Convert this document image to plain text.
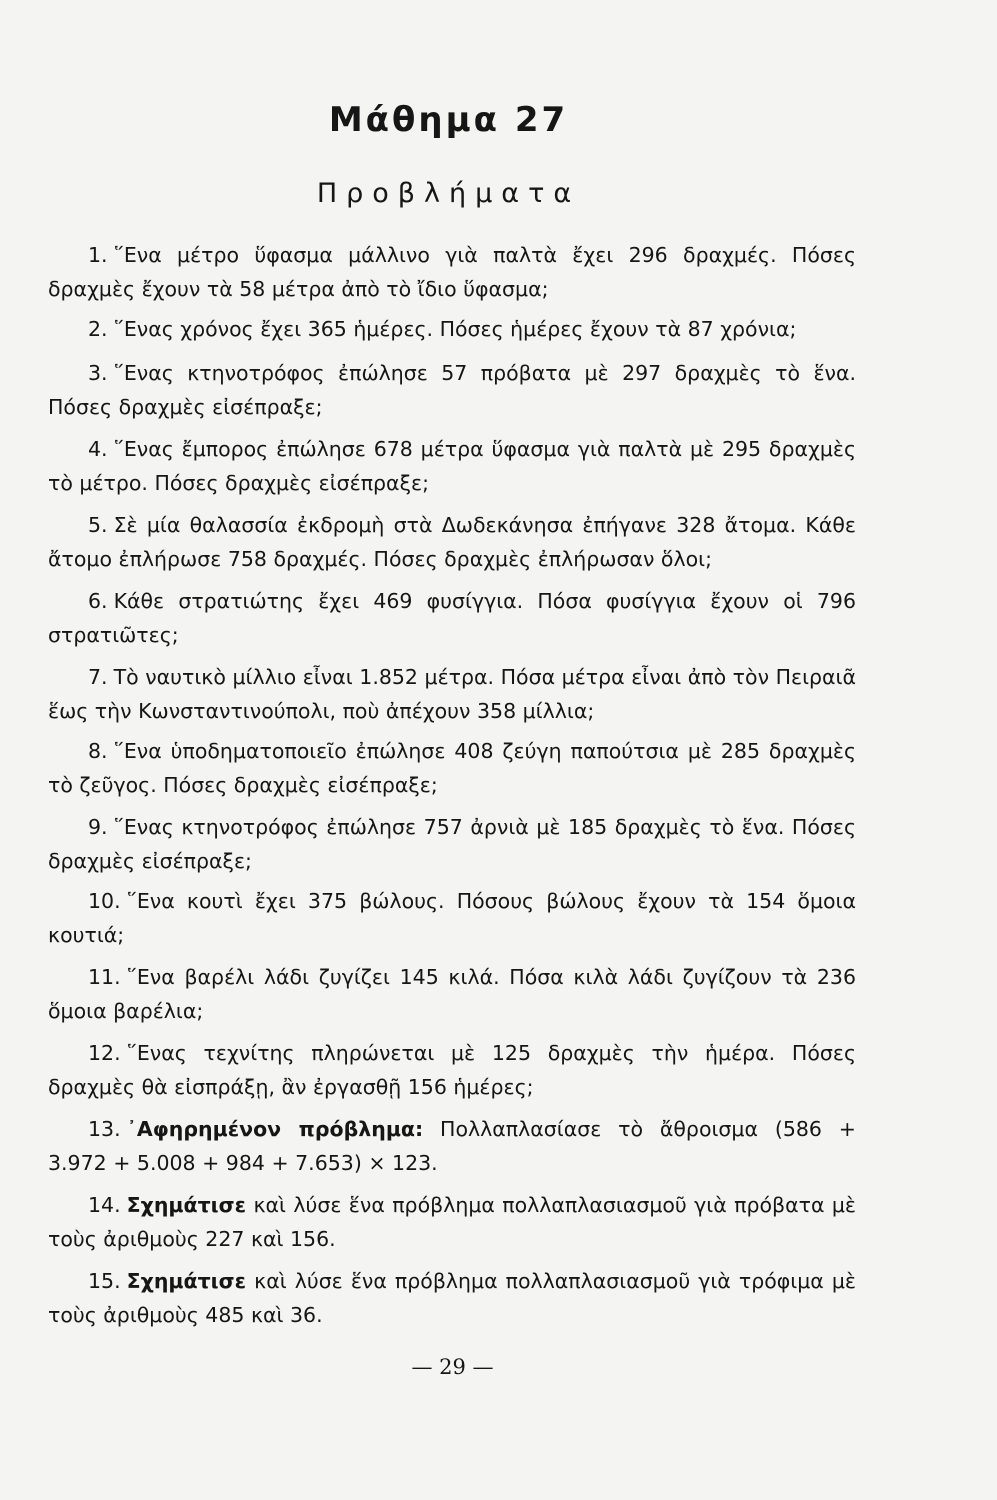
Μάθημα 27
Προβλήματα
1. ῞Ενα μέτρο ὕφασμα μάλλινο γιὰ παλτὰ ἔχει 296 δραχμές. Πόσες δραχμὲς ἔχουν τὰ 58 μέτρα ἀπὸ τὸ ἴδιο ὕφασμα;
2. ῞Ενας χρόνος ἔχει 365 ἡμέρες. Πόσες ἡμέρες ἔχουν τὰ 87 χρόνια;
3. ῞Ενας κτηνοτρόφος ἐπώλησε 57 πρόβατα μὲ 297 δραχμὲς τὸ ἕνα. Πόσες δραχμὲς εἰσέπραξε;
4. ῞Ενας ἔμπορος ἐπώλησε 678 μέτρα ὕφασμα γιὰ παλτὰ μὲ 295 δραχμὲς τὸ μέτρο. Πόσες δραχμὲς εἰσέπραξε;
5. Σὲ μία θαλασσία ἐκδρομὴ στὰ Δωδεκάνησα ἐπήγανε 328 ἄτομα. Κάθε ἄτομο ἐπλήρωσε 758 δραχμές. Πόσες δραχμὲς ἐπλήρωσαν ὅλοι;
6. Κάθε στρατιώτης ἔχει 469 φυσίγγια. Πόσα φυσίγγια ἔχουν οἱ 796 στρατιῶτες;
7. Τὸ ναυτικὸ μίλλιο εἶναι 1.852 μέτρα. Πόσα μέτρα εἶναι ἀπὸ τὸν Πειραιᾶ ἕως τὴν Κωνσταντινούπολι, ποὺ ἀπέχουν 358 μίλλια;
8. ῞Ενα ὑποδηματοποιεῖο ἐπώλησε 408 ζεύγη παπούτσια μὲ 285 δραχμὲς τὸ ζεῦγος. Πόσες δραχμὲς εἰσέπραξε;
9. ῞Ενας κτηνοτρόφος ἐπώλησε 757 ἀρνιὰ μὲ 185 δραχμὲς τὸ ἕνα. Πόσες δραχμὲς εἰσέπραξε;
10. ῞Ενα κουτὶ ἔχει 375 βώλους. Πόσους βώλους ἔχουν τὰ 154 ὅμοια κουτιά;
11. ῞Ενα βαρέλι λάδι ζυγίζει 145 κιλά. Πόσα κιλὰ λάδι ζυγίζουν τὰ 236 ὅμοια βαρέλια;
12. ῞Ενας τεχνίτης πληρώνεται μὲ 125 δραχμὲς τὴν ἡμέρα. Πόσες δραχμὲς θὰ εἰσπράξῃ, ἂν ἐργασθῇ 156 ἡμέρες;
13. ᾿Αφηρημένον πρόβλημα: Πολλαπλασίασε τὸ ἄθροισμα (586 + 3.972 + 5.008 + 984 + 7.653) × 123.
14. Σχημάτισε καὶ λύσε ἕνα πρόβλημα πολλαπλασιασμοῦ γιὰ πρόβατα μὲ τοὺς ἀριθμοὺς 227 καὶ 156.
15. Σχημάτισε καὶ λύσε ἕνα πρόβλημα πολλαπλασιασμοῦ γιὰ τρόφιμα μὲ τοὺς ἀριθμοὺς 485 καὶ 36.
— 29 —
